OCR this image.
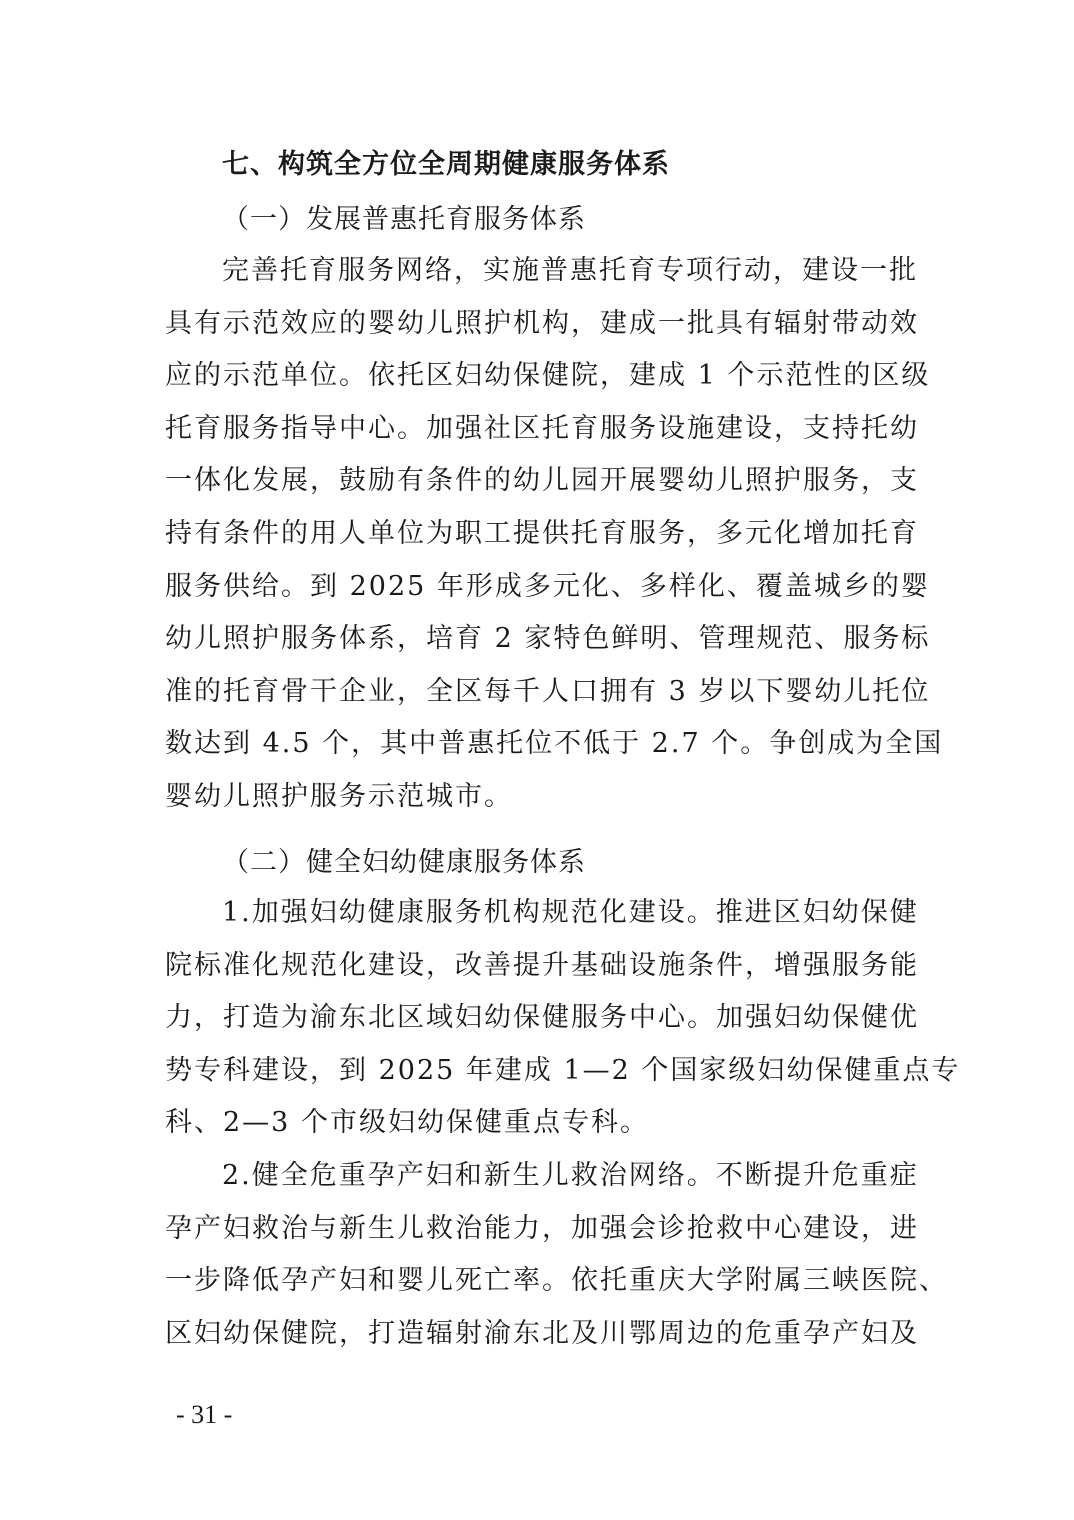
七、构筑全方位全周期健康服务体系
（一）发展普惠托育服务体系
完善托育服务网络，实施普惠托育专项行动，建设一批
具有示范效应的婴幼儿照护机构，建成一批具有辐射带动效
应的示范单位。依托区妇幼保健院，建成 1 个示范性的区级
托育服务指导中心。加强社区托育服务设施建设，支持托幼
一体化发展，鼓励有条件的幼儿园开展婴幼儿照护服务，支
持有条件的用人单位为职工提供托育服务，多元化增加托育
服务供给。到 2025 年形成多元化、多样化、覆盖城乡的婴
幼儿照护服务体系，培育 2 家特色鲜明、管理规范、服务标
准的托育骨干企业，全区每千人口拥有 3 岁以下婴幼儿托位
数达到 4.5 个，其中普惠托位不低于 2.7 个。争创成为全国
婴幼儿照护服务示范城市。
（二）健全妇幼健康服务体系
1.加强妇幼健康服务机构规范化建设。推进区妇幼保健
院标准化规范化建设，改善提升基础设施条件，增强服务能
力，打造为渝东北区域妇幼保健服务中心。加强妇幼保健优
势专科建设，到 2025 年建成 1—2 个国家级妇幼保健重点专
科、2—3 个市级妇幼保健重点专科。
2.健全危重孕产妇和新生儿救治网络。不断提升危重症
孕产妇救治与新生儿救治能力，加强会诊抢救中心建设，进
一步降低孕产妇和婴儿死亡率。依托重庆大学附属三峡医院、
区妇幼保健院，打造辐射渝东北及川鄂周边的危重孕产妇及
- 31 -
